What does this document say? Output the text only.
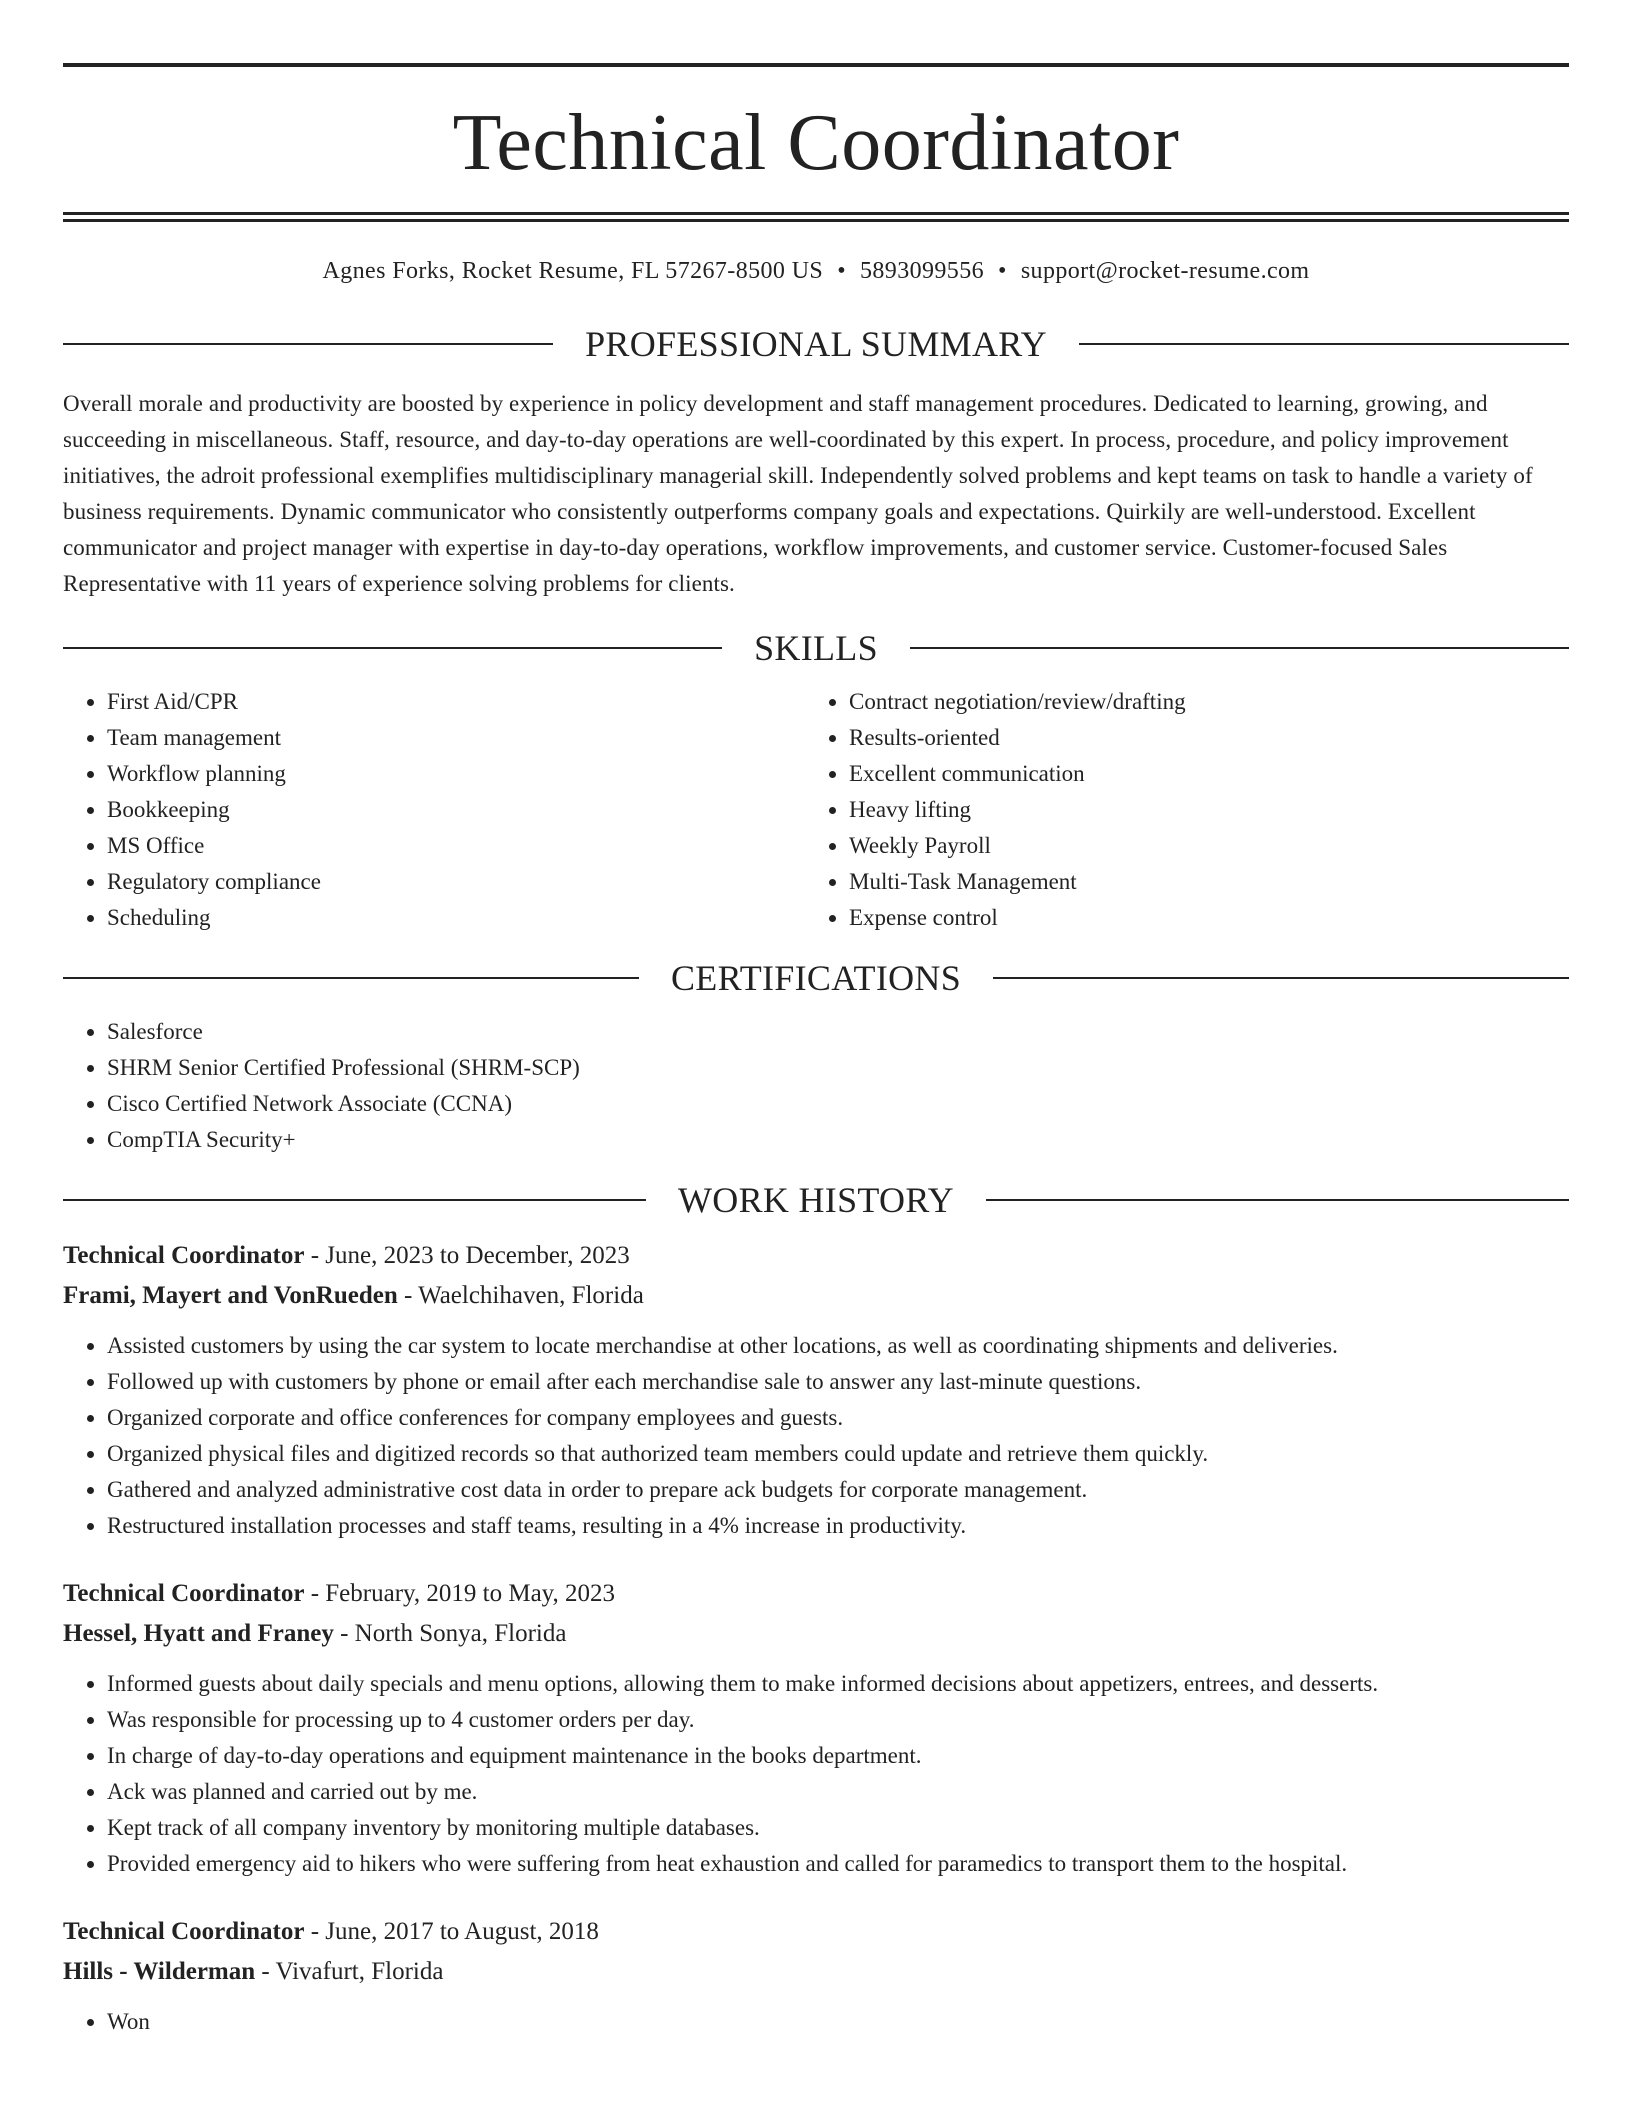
Technical Coordinator
Agnes Forks, Rocket Resume, FL 57267-8500 US • 5893099556 • support@rocket-resume.com
PROFESSIONAL SUMMARY

Overall morale and productivity are boosted by experience in policy development and staff management procedures. Dedicated to learning, growing, and succeeding in miscellaneous. Staff, resource, and day-to-day operations are well-coordinated by this expert. In process, procedure, and policy improvement initiatives, the adroit professional exemplifies multidisciplinary managerial skill. Independently solved problems and kept teams on task to handle a variety of business requirements. Dynamic communicator who consistently outperforms company goals and expectations. Quirkily are well-understood. Excellent communicator and project manager with expertise in day-to-day operations, workflow improvements, and customer service. Customer-focused Sales Representative with 11 years of experience solving problems for clients.

SKILLS
• First Aid/CPR
• Team management
• Workflow planning
• Bookkeeping
• MS Office
• Regulatory compliance
• Scheduling
• Contract negotiation/review/drafting
• Results-oriented
• Excellent communication
• Heavy lifting
• Weekly Payroll
• Multi-Task Management
• Expense control
CERTIFICATIONS
• Salesforce
• SHRM Senior Certified Professional (SHRM-SCP)
• Cisco Certified Network Associate (CCNA)
• CompTIA Security+
WORK HISTORY
Technical Coordinator - June, 2023 to December, 2023
Frami, Mayert and VonRueden - Waelchihaven, Florida
• Assisted customers by using the car system to locate merchandise at other locations, as well as coordinating shipments and deliveries.
• Followed up with customers by phone or email after each merchandise sale to answer any last-minute questions.
• Organized corporate and office conferences for company employees and guests.
• Organized physical files and digitized records so that authorized team members could update and retrieve them quickly.
• Gathered and analyzed administrative cost data in order to prepare ack budgets for corporate management.
• Restructured installation processes and staff teams, resulting in a 4% increase in productivity.
Technical Coordinator - February, 2019 to May, 2023
Hessel, Hyatt and Franey - North Sonya, Florida
• Informed guests about daily specials and menu options, allowing them to make informed decisions about appetizers, entrees, and desserts.
• Was responsible for processing up to 4 customer orders per day.
• In charge of day-to-day operations and equipment maintenance in the books department.
• Ack was planned and carried out by me.
• Kept track of all company inventory by monitoring multiple databases.
• Provided emergency aid to hikers who were suffering from heat exhaustion and called for paramedics to transport them to the hospital.
Technical Coordinator - June, 2017 to August, 2018
Hills - Wilderman - Vivafurt, Florida
• Won
